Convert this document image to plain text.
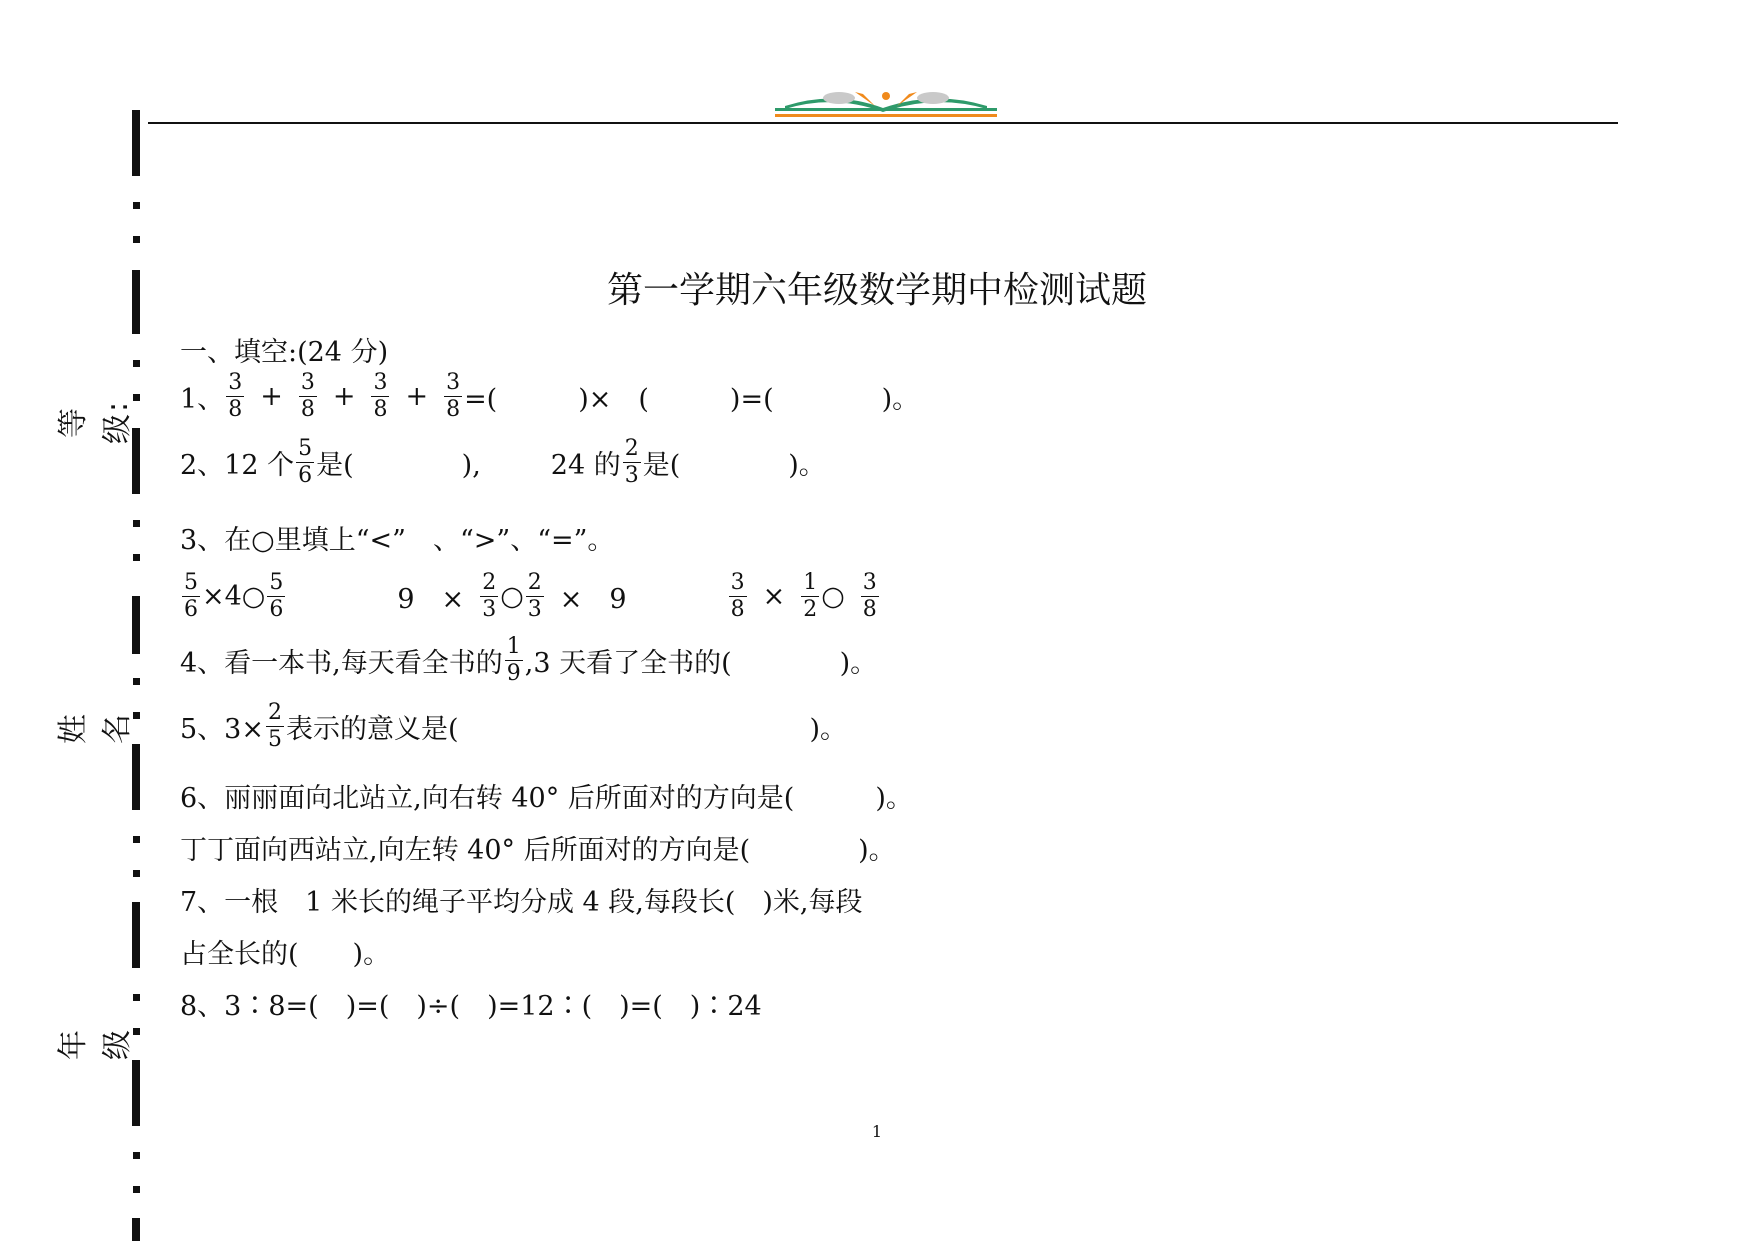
等级:
姓名
年级
第一学期六年级数学期中检测试题
一、填空:(24 分)
1、 $\frac{3}{8} + \frac{3}{8} + \frac{3}{8} + \frac{3}{8}$ =(　　　)×　(　　　)=(　　　　)。
2、12 个 $\frac{5}{6}$ 是(　　　　),	24 的 $\frac{2}{3}$ 是(　　　　)。
3、在○里填上“<”　、“>”、“=”。
$\frac{5}{6}$ ×4○ $\frac{5}{6}$	9　× $\frac{2}{3}$ ○ $\frac{2}{3}$ ×　9	$\frac{3}{8} \times \frac{1}{2}$ ○ $\frac{3}{8}$
4、看一本书,每天看全书的 $\frac{1}{9} ,3$ 天看了全书的(　　　　)。
5、$3\times \frac{2}{5}$ 表示的意义是(　　　　　　　　　　　　　)。
6、丽丽面向北站立,向右转 40° 后所面对的方向是(　　　)。
丁丁面向西站立,向左转 40° 后所面对的方向是(　　　　)。
7、一根　1 米长的绳子平均分成 4 段,每段长(　)米,每段
占全长的(　　)。
8、3∶8=(　)=(　)÷(　)=12∶(　)=(　)∶24
1
